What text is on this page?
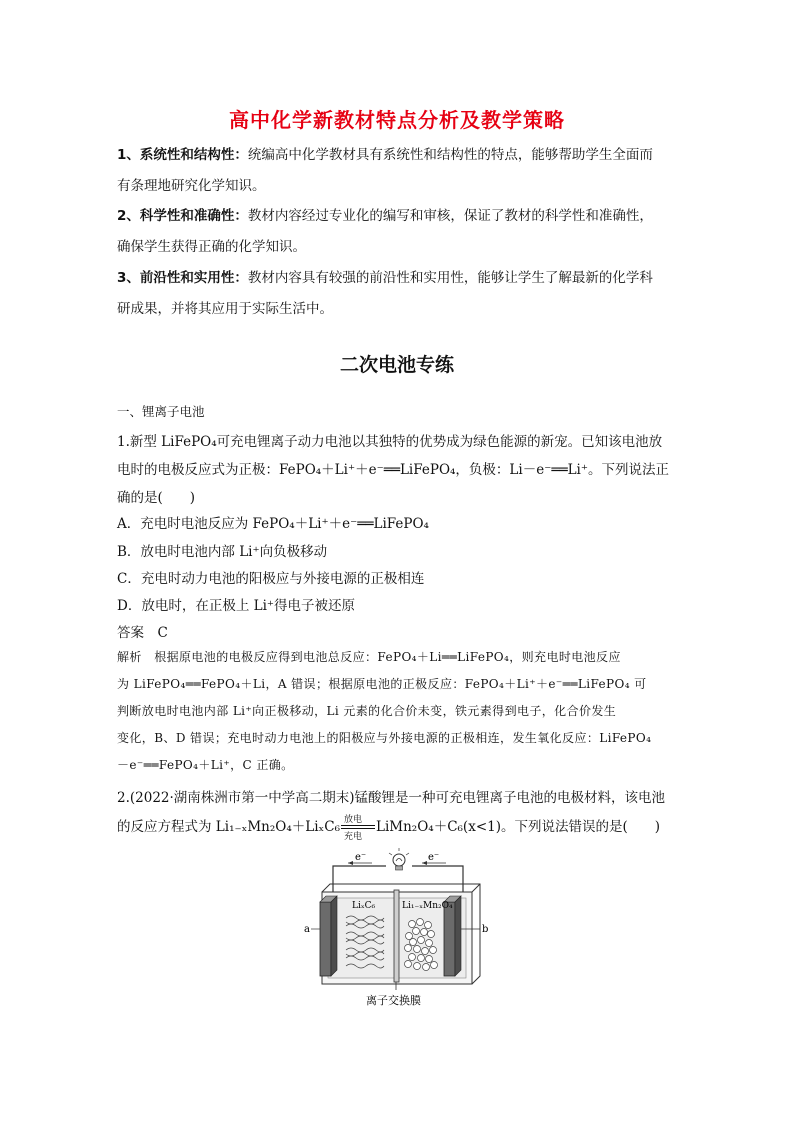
高中化学新教材特点分析及教学策略
1、系统性和结构性：统编高中化学教材具有系统性和结构性的特点，能够帮助学生全面而
有条理地研究化学知识。
2、科学性和准确性：教材内容经过专业化的编写和审核，保证了教材的科学性和准确性，
确保学生获得正确的化学知识。
3、前沿性和实用性：教材内容具有较强的前沿性和实用性，能够让学生了解最新的化学科
研成果，并将其应用于实际生活中。
二次电池专练
一、锂离子电池
1.新型 LiFePO₄可充电锂离子动力电池以其独特的优势成为绿色能源的新宠。已知该电池放
电时的电极反应式为正极：FePO₄＋Li⁺＋e⁻══LiFePO₄，负极：Li－e⁻══Li⁺。下列说法正
确的是(　　)
A．充电时电池反应为 FePO₄＋Li⁺＋e⁻══LiFePO₄
B．放电时电池内部 Li⁺向负极移动
C．充电时动力电池的阳极应与外接电源的正极相连
D．放电时，在正极上 Li⁺得电子被还原
答案　C
解析　根据原电池的电极反应得到电池总反应：FePO₄＋Li══LiFePO₄，则充电时电池反应
为 LiFePO₄══FePO₄＋Li，A 错误；根据原电池的正极反应：FePO₄＋Li⁺＋e⁻══LiFePO₄ 可
判断放电时电池内部 Li⁺向正极移动，Li 元素的化合价未变，铁元素得到电子，化合价发生
变化，B、D 错误；充电时动力电池上的阳极应与外接电源的正极相连，发生氧化反应：LiFePO₄
－e⁻══FePO₄＋Li⁺，C 正确。
2.(2022·湖南株洲市第一中学高二期末)锰酸锂是一种可充电锂离子电池的电极材料，该电池
的反应方程式为 Li₁₋ₓMn₂O₄＋LiₓC₆ 放电
充电
LiMn₂O₄＋C₆(x<1)。下列说法错误的是(　　)
e⁻	e⁻
LiₓC₆	Li₁₋ₓMn₂O₄
a	b
离子交换膜
